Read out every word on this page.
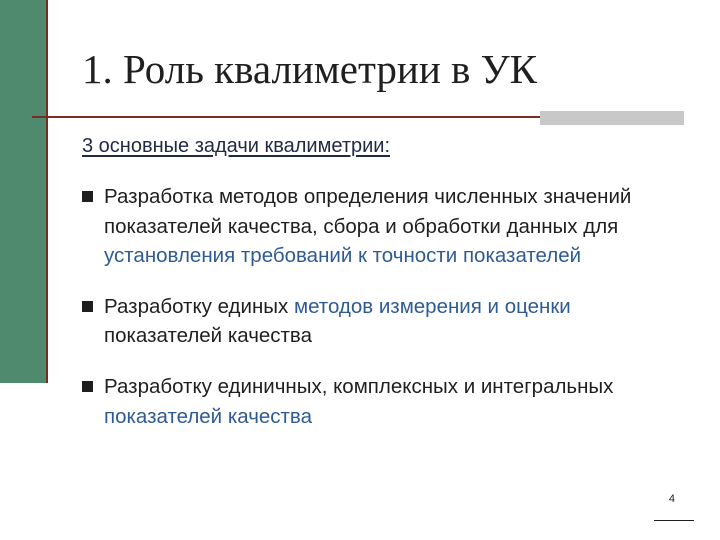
1. Роль квалиметрии в УК
3 основные задачи квалиметрии:
Разработка методов определения численных значений показателей качества, сбора и обработки данных для установления требований к точности показателей
Разработку единых методов измерения и оценки показателей качества
Разработку единичных, комплексных и интегральных показателей качества
4
